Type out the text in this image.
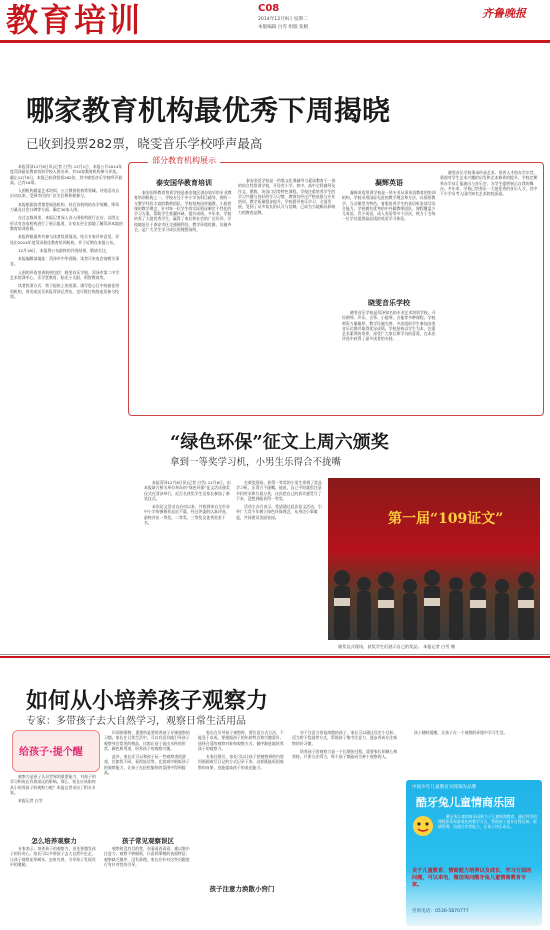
教育培训	C08
2014年12月9日 星期二
本版编辑 白雪 组版 张帆
齐鲁晚报
哪家教育机构最优秀下周揭晓
已收到投票282票，晓雯音乐学校呼声最高

本报菏泽12月8日讯(记者 白雪) 12月1日，本报公开2014年度菏泽最佳教育培训学校人围名单，有30家教育机构参与评选。截止12月8日，本报已收到投票282张，其中晓雯音乐学校呼声最高，已有18票。

人围机构涵盖艺术培训、公立教育机构等领域。评选活动自启动以来，受到市民的广泛关注和积极参与。

本报根据读者推荐候选机构，结合各机构的办学规模、师资力量及社会口碑等方面，确定30家入围。

在过去数周里，本报记者深入各入围机构进行走访，以图文形式对各家机构进行了展示报道，让家长更全面地了解菏泽本地的教育培训资源。

本报将根据所有参与读者投票情况，结合专家评审意见，评选出2014年度菏泽最佳教育培训机构，并于近期在本报公布。

12月16日，本报将公布最终的评选结果，敬请关注。

本报编辑部地址：菏泽市中华西路，读者可来电咨询相关事宜。

入围的评选培训机构包括：晓雯音乐学校、菏泽市第二中学艺术培训中心、乐学堂教育、阳光小太阳、明智教育等。

读者投票方式：剪下报纸上的选票，填写您心目中的最佳培训机构，寄送或送至本报菏泽记者站，也可拨打热线电话参与投票。

部分教育机构展示
泰安国华教育培训

泰安国华教育培训学校是泰安地区创办较早的专业教育培训机构之一，学校专注于中小学各科目辅导，拥有一支教学经验丰富的教师团队。学校坚持因材施教、小班授课的教学理念，针对每一位学生的实际情况制定个性化的学习方案，帮助学生查漏补缺、提升成绩。多年来，学校培养了大批优秀学生，赢得了家长和社会的广泛好评。学校地址位于泰安市区交通便利处，教学环境优雅，设施齐全，是广大学生学习成长的理想场所。

泰安金沃学校是一所集文化课辅导与素质教育于一体的综合性培训学校，开设有小学、初中、高中全科辅导及作文、奥数、英语口语等特色课程。学校注重培养学生的学习兴趣与良好的学习习惯，教师均经过严格选拔与专业培训，教学质量稳步提升。学校倡导快乐学习、全面发展，受到了众多家长的认可与信赖，已成为当地颇具影响力的教育品牌。

凝辉英语

凝辉英语培训学校是一所专业从事英语教育的培训机构，学校采用国际先进的教学理念和方法，以情景教学、互动课堂为特色，着重培养学生的英语听说读写综合能力。学校拥有优秀的中外籍教师团队，课程覆盖少儿英语、青少英语、成人英语等多个层次，致力于为每一位学员提供高品质的英语学习体验。

晓雯音乐学校

晓雯音乐学校是菏泽知名的专业艺术培训学校，开设钢琴、声乐、古筝、小提琴、吉他等多种课程。学校师资力量雄厚，教学设施完善，多次组织学生参加各类音乐比赛并取得优异成绩。学校坚持以学生为本，注重艺术素养的培养，深受广大家长和学员的喜爱，在本次评选中获得了最多读者的支持。

晓雯音乐学校秉承传承艺术、培养人才的办学宗旨，重视对学生艺术兴趣的启发和艺术修养的提升。学校定期举办学员汇报演出与音乐会，为学生提供展示自我的舞台。多年来，学校已培养出一大批优秀的音乐人才，其中不少学员考入国内知名艺术院校深造。

“绿色环保”征文上周六颁奖
拿到一等奖学习机，小男生乐得合不拢嘴

本报菏泽12月8日讯(记者 白雪) 12月6日，由本报联合相关单位举办的“绿色环保”征文活动颁奖仪式在菏泽举行，近百名获奖学生及家长参加了颁奖仪式。

本次征文活动自启动以来，共收到来自全市各中小学的参赛作品近千篇，经过评委的认真评选，最终评出一等奖、二等奖、三等奖及优秀奖若干名。

在颁奖现场，获得一等奖的小男生拿到了奖品学习机，乐得合不拢嘴。他说，自己平时就很注意节约用水和垃圾分类，这次把自己的真实感受写了下来，没想到能获得一等奖。

活动主办方表示，希望通过此次征文活动，引导广大青少年树立绿色环保理念，从身边小事做起，共同建设美丽家园。	第一届“109证文”
颁奖仪式现场，获奖学生们展示自己的奖品。 本报记者 白雪 摄
如何从小培养孩子观察力
专家：多带孩子去大自然学习，观察日常生活用品
给孩子·提个醒

观察力是孩子认识世界的重要能力，对孩子的学习和成长有着深远的影响。那么，家长应该如何从小培养孩子的观察力呢？本报记者采访了相关专家。

本报记者 白雪

怎么培养观察力

专家表示，培养孩子的观察力，首先要激发孩子的好奇心。家长可以多带孩子去大自然中走走，让孩子观察花草树木、虫鱼鸟兽，引导孩子发现其中的奥秘。

识周围事物，重要的是要培养孩子仔细观察的习惯。家长在日常生活中，可以有意识地引导孩子观察身边常见的物品，比如让孩子说出水杯的形状、颜色和用途，培养孩子的观察兴趣。

此外，家长还可以和孩子玩一些观察类的游戏，比如找不同、看图说话等，在游戏中锻炼孩子的观察能力，让孩子在轻松愉快的氛围中得到提高。

孩子常见观察误区

观察时没有目的性，东看看西看看，难以集中注意力；观察不够细致，只看到事物的表面特征；观察缺乏顺序，没有条理。家长应针对这些问题进行有针对性的引导。

家长在引导孩子观察时，要注意方式方法，不能急于求成。要根据孩子的年龄特点和兴趣爱好，选择合适的观察对象和观察方式，循序渐进地培养孩子的观察力。

专家还建议，家长可以让孩子把观察到的内容用画画或写日记的方式记录下来，这样既能巩固观察的成果，也能提高孩子的表达能力。

孩子注意力涣散小窍门

对于注意力容易涣散的孩子，家长可以通过设定小目标、适当给予奖励等方式，帮助孩子集中注意力，逐步养成专注观察的好习惯。

培养孩子的观察力是一个长期的过程，需要家长的耐心和坚持。只要方法得当，每个孩子都能成为善于观察的人。

孩子随时提醒，让孩子在一个观察的环境中学习生活。

中国少年儿童教育实践领先品牌
酷牙兔儿童情商乐园

酷牙兔儿童情商乐园致力于儿童情商教育，通过科学的课程体系和游戏化的教学方式，帮助孩子提升自我认知、情绪管理、沟通合作等能力，让孩子快乐成长。

关于儿童教育、情商能力培养以及成长、学习方面的问题，可以来电，微信询问酷牙兔儿童情商教育专家。
咨询电话：0530-5870777
